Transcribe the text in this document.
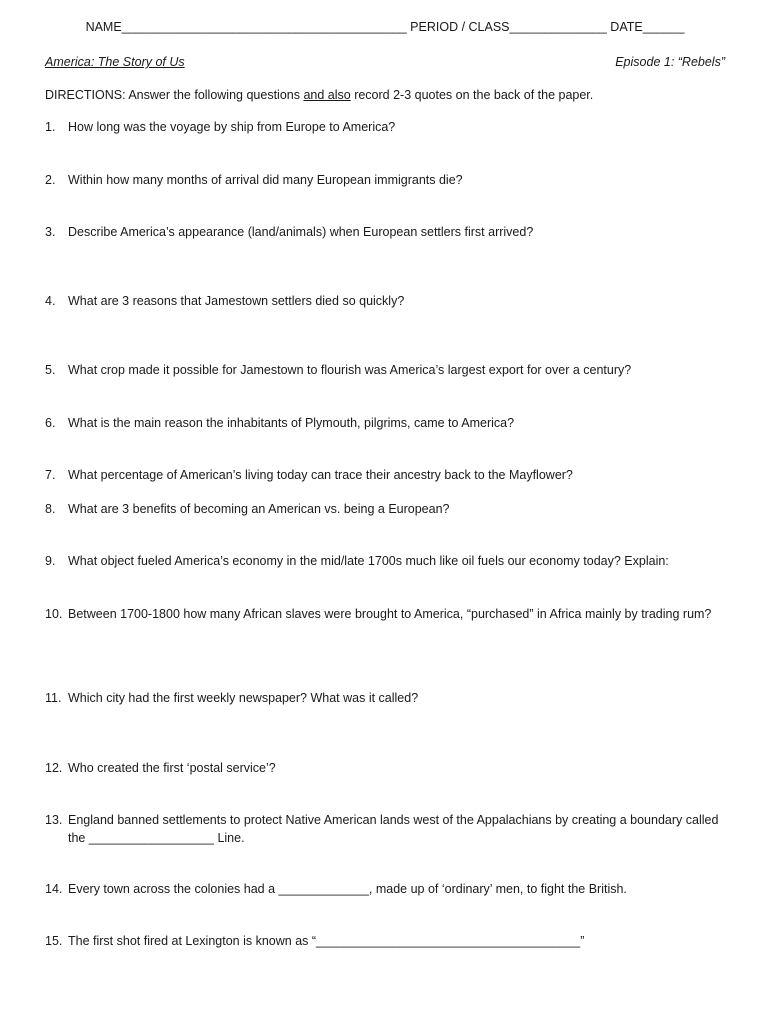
NAME_________________________________________ PERIOD / CLASS______________ DATE______
America: The Story of Us	Episode 1: “Rebels”
DIRECTIONS: Answer the following questions and also record 2-3 quotes on the back of the paper.
1.	How long was the voyage by ship from Europe to America?
2.	Within how many months of arrival did many European immigrants die?
3.	Describe America’s appearance (land/animals) when European settlers first arrived?
4.	What are 3 reasons that Jamestown settlers died so quickly?
5.	What crop made it possible for Jamestown to flourish was America’s largest export for over a century?
6.	What is the main reason the inhabitants of Plymouth, pilgrims, came to America?
7.	What percentage of American’s living today can trace their ancestry back to the Mayflower?
8.	What are 3 benefits of becoming an American vs. being a European?
9.	What object fueled America’s economy in the mid/late 1700s much like oil fuels our economy today? Explain:
10. Between 1700-1800 how many African slaves were brought to America, “purchased” in Africa mainly by trading rum?
11. Which city had the first weekly newspaper? What was it called?
12. Who created the first ‘postal service’?
13. England banned settlements to protect Native American lands west of the Appalachians by creating a boundary called the __________________ Line.
14. Every town across the colonies had a _____________, made up of ‘ordinary’ men, to fight the British.
15. The first shot fired at Lexington is known as “______________________________________”
